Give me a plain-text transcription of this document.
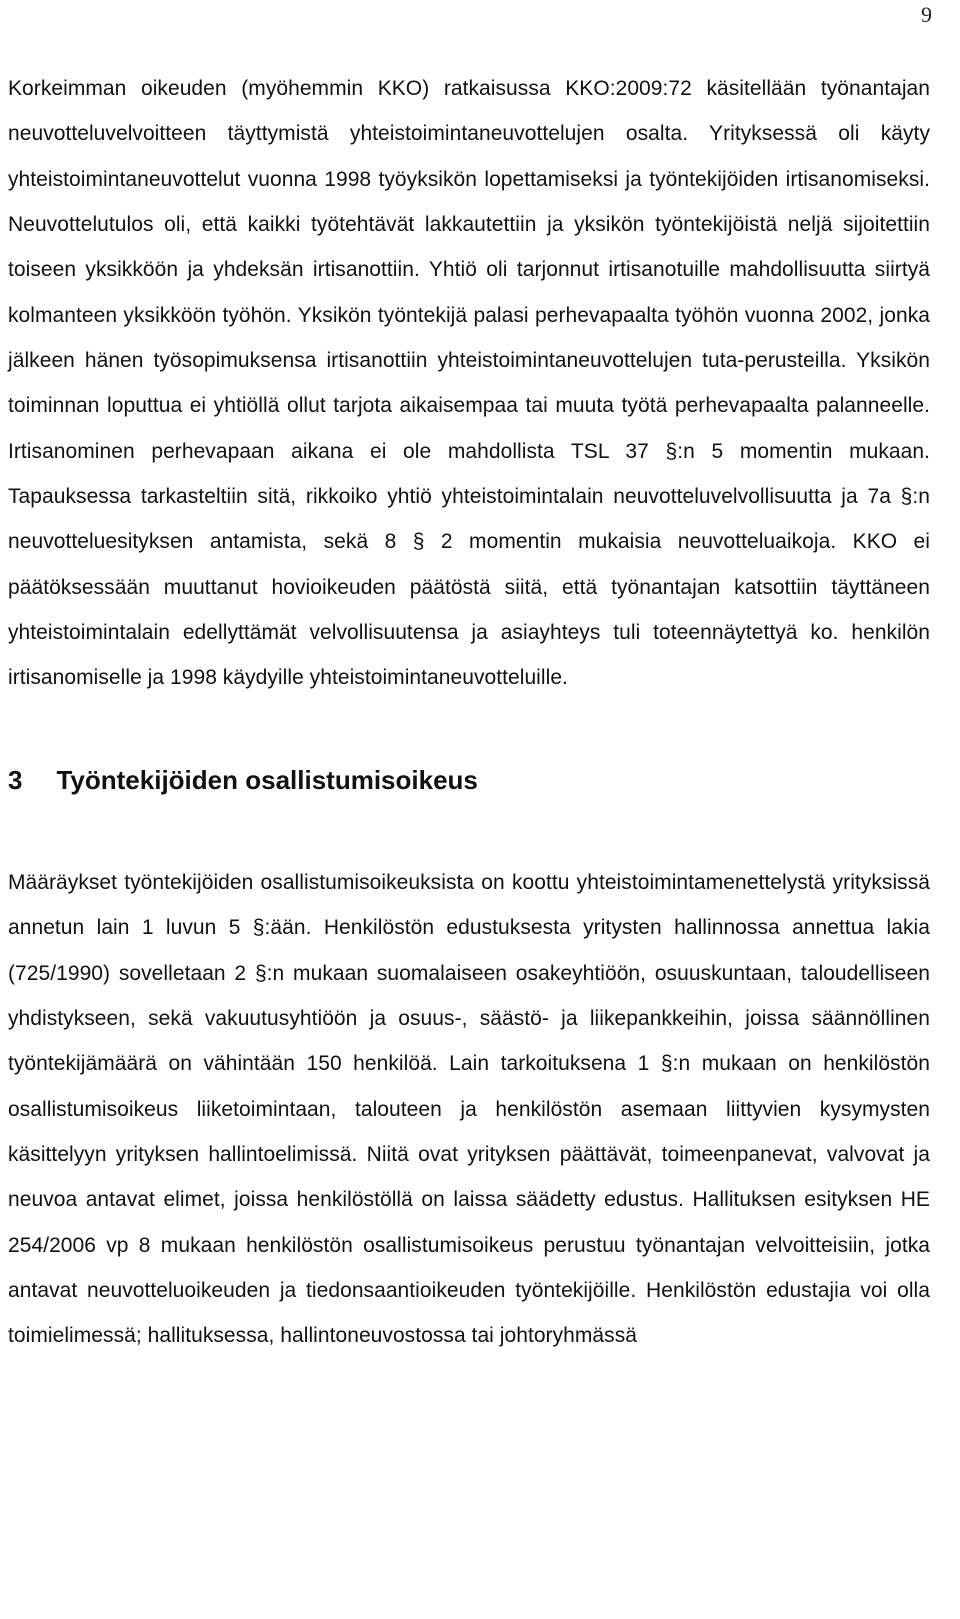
9

Korkeimman oikeuden (myöhemmin KKO) ratkaisussa KKO:2009:72 käsitellään työnantajan neuvotteluvelvoitteen täyttymistä yhteistoimintaneuvottelujen osalta. Yrityksessä oli käyty yhteistoimintaneuvottelut vuonna 1998 työyksikön lopettamiseksi ja työntekijöiden irtisanomiseksi. Neuvottelutulos oli, että kaikki työtehtävät lakkautettiin ja yksikön työntekijöistä neljä sijoitettiin toiseen yksikköön ja yhdeksän irtisanottiin. Yhtiö oli tarjonnut irtisanotuille mahdollisuutta siirtyä kolmanteen yksikköön työhön. Yksikön työntekijä palasi perhevapaalta työhön vuonna 2002, jonka jälkeen hänen työsopimuksensa irtisanottiin yhteistoimintaneuvottelujen tuta-perusteilla. Yksikön toiminnan loputtua ei yhtiöllä ollut tarjota aikaisempaa tai muuta työtä perhevapaalta palanneelle. Irtisanominen perhevapaan aikana ei ole mahdollista TSL 37 §:n 5 momentin mukaan. Tapauksessa tarkasteltiin sitä, rikkoiko yhtiö yhteistoimintalain neuvotteluvelvollisuutta ja 7a §:n neuvotteluesityksen antamista, sekä 8 § 2 momentin mukaisia neuvotteluaikoja. KKO ei päätöksessään muuttanut hovioikeuden päätöstä siitä, että työnantajan katsottiin täyttäneen yhteistoimintalain edellyttämät velvollisuutensa ja asiayhteys tuli toteennäytettyä ko. henkilön irtisanomiselle ja 1998 käydyille yhteistoimintaneuvotteluille.

3 Työntekijöiden osallistumisoikeus

Määräykset työntekijöiden osallistumisoikeuksista on koottu yhteistoimintamenettelystä yrityksissä annetun lain 1 luvun 5 §:ään. Henkilöstön edustuksesta yritysten hallinnossa annettua lakia (725/1990) sovelletaan 2 §:n mukaan suomalaiseen osakeyhtiöön, osuuskuntaan, taloudelliseen yhdistykseen, sekä vakuutusyhtiöön ja osuus-, säästö- ja liikepankkeihin, joissa säännöllinen työntekijämäärä on vähintään 150 henkilöä. Lain tarkoituksena 1 §:n mukaan on henkilöstön osallistumisoikeus liiketoimintaan, talouteen ja henkilöstön asemaan liittyvien kysymysten käsittelyyn yrityksen hallintoelimissä. Niitä ovat yrityksen päättävät, toimeenpanevat, valvovat ja neuvoa antavat elimet, joissa henkilöstöllä on laissa säädetty edustus. Hallituksen esityksen HE 254/2006 vp 8 mukaan henkilöstön osallistumisoikeus perustuu työnantajan velvoitteisiin, jotka antavat neuvotteluoikeuden ja tiedonsaantioikeuden työntekijöille. Henkilöstön edustajia voi olla toimielimessä; hallituksessa, hallintoneuvostossa tai johtoryhmässä
